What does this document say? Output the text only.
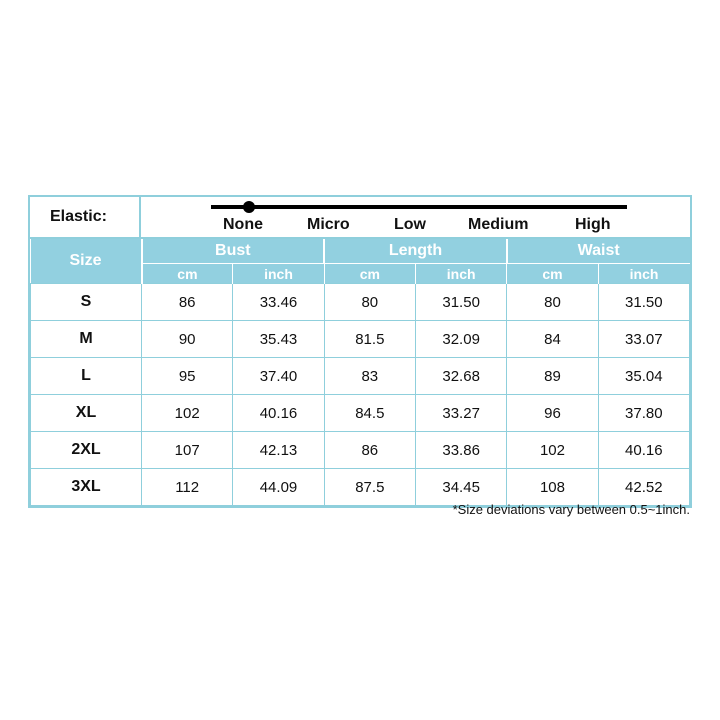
Elastic:	None	Micro	Low	Medium	High
Size	Bust		Length		Waist	
	cm	inch	cm	inch	cm	inch
S	86	33.46	80	31.50	80	31.50
M	90	35.43	81.5	32.09	84	33.07
L	95	37.40	83	32.68	89	35.04
XL	102	40.16	84.5	33.27	96	37.80
2XL	107	42.13	86	33.86	102	40.16
3XL	112	44.09	87.5	34.45	108	42.52
*Size deviations vary between 0.5~1inch.
